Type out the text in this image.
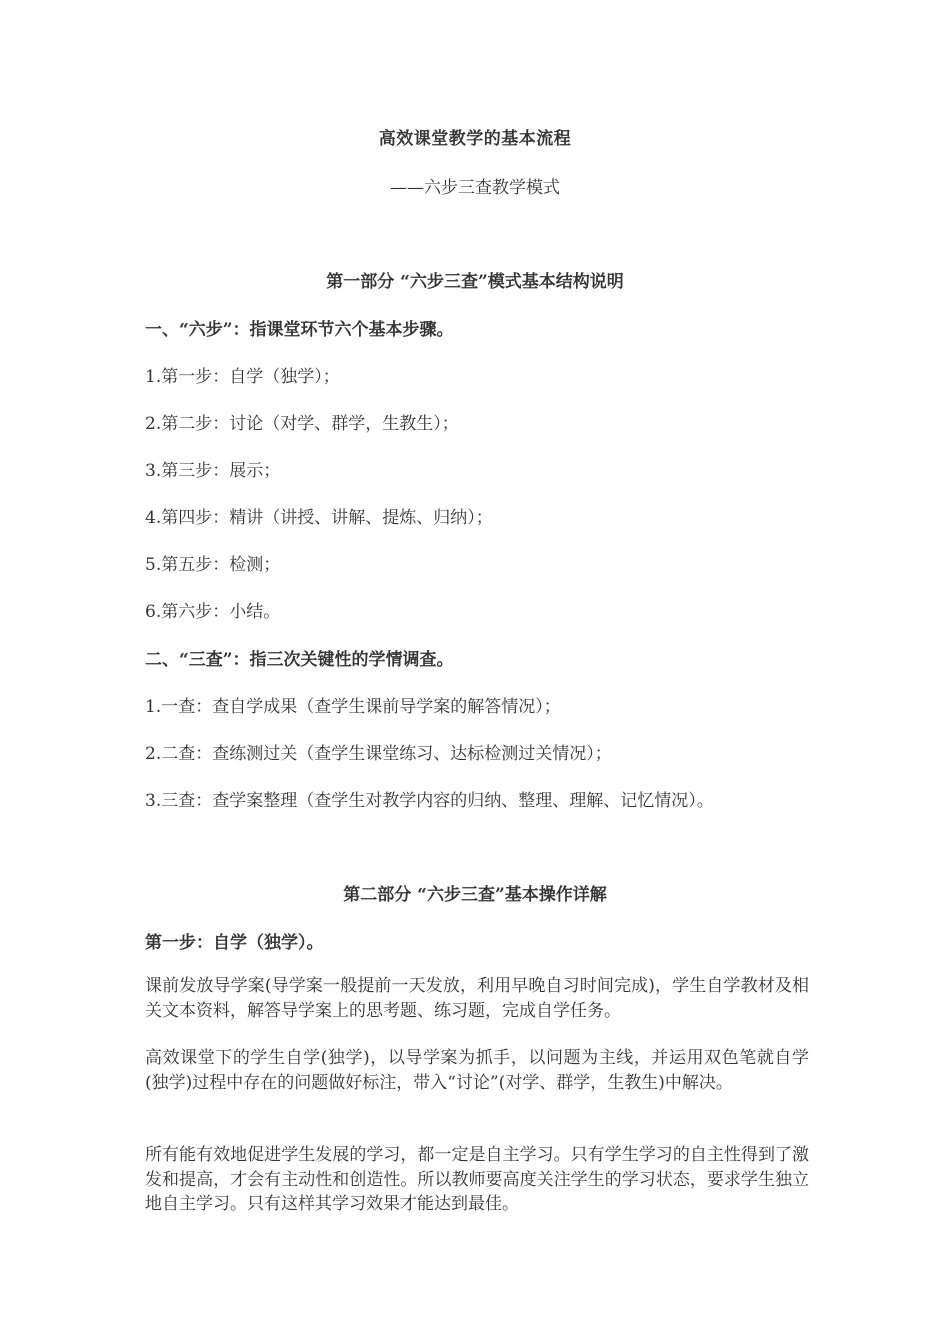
高效课堂教学的基本流程
——六步三查教学模式
第一部分 “六步三查”模式基本结构说明
一、“六步”：指课堂环节六个基本步骤。
1.第一步：自学（独学）；
2.第二步：讨论（对学、群学，生教生）；
3.第三步：展示；
4.第四步：精讲（讲授、讲解、提炼、归纳）；
5.第五步：检测；
6.第六步：小结。
二、“三查”：指三次关键性的学情调查。
1.一查：查自学成果（查学生课前导学案的解答情况）；
2.二查：查练测过关（查学生课堂练习、达标检测过关情况）；
3.三查：查学案整理（查学生对教学内容的归纳、整理、理解、记忆情况）。
第二部分 “六步三查”基本操作详解
第一步：自学（独学）。
课前发放导学案(导学案一般提前一天发放，利用早晚自习时间完成)，学生自学教材及相关文本资料，解答导学案上的思考题、练习题，完成自学任务。
高效课堂下的学生自学(独学)，以导学案为抓手，以问题为主线，并运用双色笔就自学(独学)过程中存在的问题做好标注，带入“讨论”(对学、群学，生教生)中解决。
所有能有效地促进学生发展的学习，都一定是自主学习。只有学生学习的自主性得到了激发和提高，才会有主动性和创造性。所以教师要高度关注学生的学习状态，要求学生独立地自主学习。只有这样其学习效果才能达到最佳。
